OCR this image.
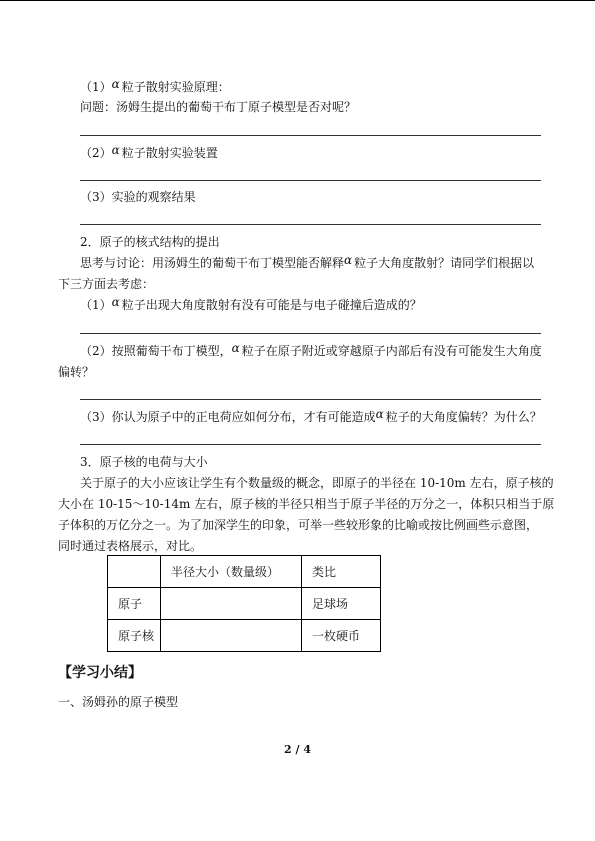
（1）α 粒子散射实验原理：
问题：汤姆生提出的葡萄干布丁原子模型是否对呢？
（2）α 粒子散射实验装置
（3）实验的观察结果
2．原子的核式结构的提出
思考与讨论：用汤姆生的葡萄干布丁模型能否解释α 粒子大角度散射？请同学们根据以
下三方面去考虑：
（1）α 粒子出现大角度散射有没有可能是与电子碰撞后造成的？
（2）按照葡萄干布丁模型，α 粒子在原子附近或穿越原子内部后有没有可能发生大角度
偏转？
（3）你认为原子中的正电荷应如何分布，才有可能造成α 粒子的大角度偏转？为什么？
3．原子核的电荷与大小
关于原子的大小应该让学生有个数量级的概念，即原子的半径在 10-10m 左右，原子核的
大小在 10-15～10-14m 左右，原子核的半径只相当于原子半径的万分之一，体积只相当于原
子体积的万亿分之一。为了加深学生的印象，可举一些较形象的比喻或按比例画些示意图，
同时通过表格展示，对比。
	半径大小（数量级）	类比
原子		足球场
原子核		一枚硬币
【学习小结】
一、汤姆孙的原子模型
2 / 4
